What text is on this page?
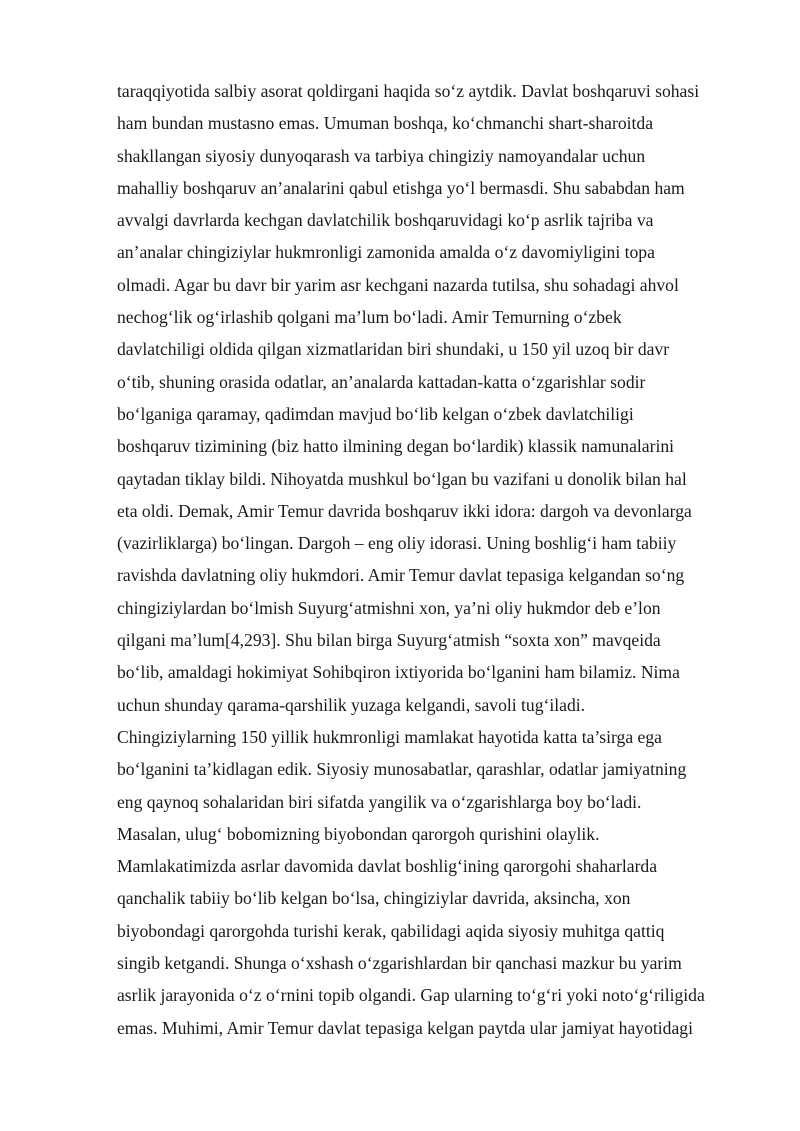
taraqqiyotida salbiy asorat qoldirgani haqida so‘z aytdik. Davlat boshqaruvi sohasi
ham bundan mustasno emas. Umuman boshqa, ko‘chmanchi shart-sharoitda
shakllangan siyosiy dunyoqarash va tarbiya chingiziy namoyandalar uchun
mahalliy boshqaruv an’analarini qabul etishga yo‘l bermasdi. Shu sababdan ham
avvalgi davrlarda kechgan davlatchilik boshqaruvidagi ko‘p asrlik tajriba va
an’analar chingiziylar hukmronligi zamonida amalda o‘z davomiyligini topa
olmadi. Agar bu davr bir yarim asr kechgani nazarda tutilsa, shu sohadagi ahvol
nechog‘lik og‘irlashib qolgani ma’lum bo‘ladi. Amir Temurning o‘zbek
davlatchiligi oldida qilgan xizmatlaridan biri shundaki, u 150 yil uzoq bir davr
o‘tib, shuning orasida odatlar, an’analarda kattadan-katta o‘zgarishlar sodir
bo‘lganiga qaramay, qadimdan mavjud bo‘lib kelgan o‘zbek davlatchiligi
boshqaruv tizimining (biz hatto ilmining degan bo‘lardik) klassik namunalarini
qaytadan tiklay bildi. Nihoyatda mushkul bo‘lgan bu vazifani u donolik bilan hal
eta oldi. Demak, Amir Temur davrida boshqaruv ikki idora: dargoh va devonlarga
(vazirliklarga) bo‘lingan. Dargoh – eng oliy idorasi. Uning boshlig‘i ham tabiiy
ravishda davlatning oliy hukmdori. Amir Temur davlat tepasiga kelgandan so‘ng
chingiziylardan bo‘lmish Suyurg‘atmishni xon, ya’ni oliy hukmdor deb e’lon
qilgani ma’lum[4,293]. Shu bilan birga Suyurg‘atmish “soxta xon” mavqeida
bo‘lib, amaldagi hokimiyat Sohibqiron ixtiyorida bo‘lganini ham bilamiz. Nima
uchun shunday qarama-qarshilik yuzaga kelgandi, savoli tug‘iladi.
Chingiziylarning 150 yillik hukmronligi mamlakat hayotida katta ta’sirga ega
bo‘lganini ta’kidlagan edik. Siyosiy munosabatlar, qarashlar, odatlar jamiyatning
eng qaynoq sohalaridan biri sifatda yangilik va o‘zgarishlarga boy bo‘ladi.
Masalan, ulug‘ bobomizning biyobondan qarorgoh qurishini olaylik.
Mamlakatimizda asrlar davomida davlat boshlig‘ining qarorgohi shaharlarda
qanchalik tabiiy bo‘lib kelgan bo‘lsa, chingiziylar davrida, aksincha, xon
biyobondagi qarorgohda turishi kerak, qabilidagi aqida siyosiy muhitga qattiq
singib ketgandi. Shunga o‘xshash o‘zgarishlardan bir qanchasi mazkur bu yarim
asrlik jarayonida o‘z o‘rnini topib olgandi. Gap ularning to‘g‘ri yoki noto‘g‘riligida
emas. Muhimi, Amir Temur davlat tepasiga kelgan paytda ular jamiyat hayotidagi
